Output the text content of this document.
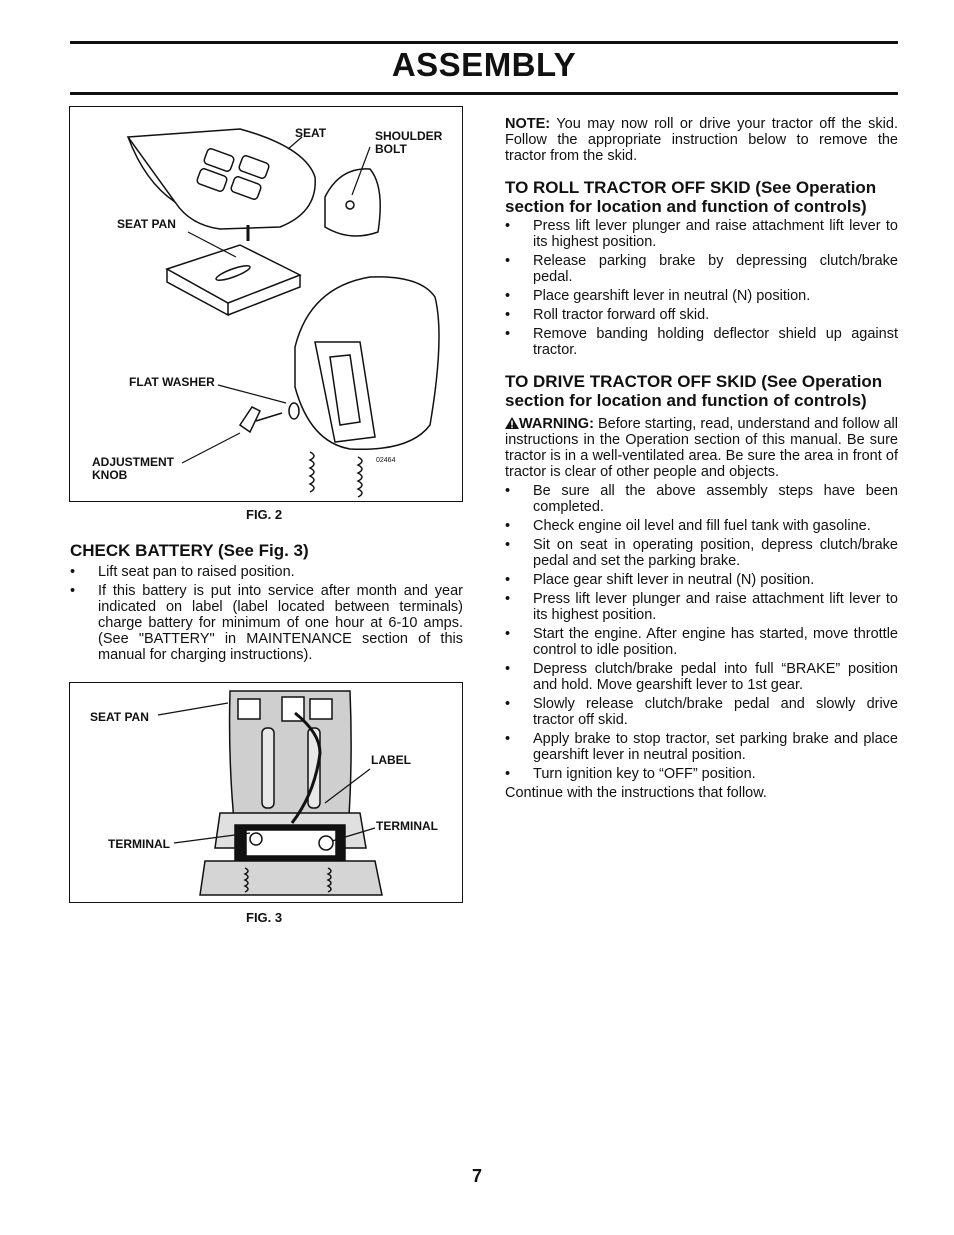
ASSEMBLY
SEAT	SHOULDER BOLT
SEAT PAN
FLAT WASHER
ADJUSTMENT KNOB
02464
FIG. 2
CHECK BATTERY (See Fig. 3)
• Lift seat pan to raised position.
• If this battery is put into service after month and year indicated on label (label located between terminals) charge battery for minimum of one hour at 6-10 amps. (See "BATTERY" in MAINTENANCE section of this manual for charging instructions).
SEAT PAN
LABEL
TERMINAL
TERMINAL
FIG. 3

NOTE: You may now roll or drive your tractor off the skid. Follow the appropriate instruction below to remove the tractor from the skid.

TO ROLL TRACTOR OFF SKID (See Operation section for location and function of controls)
• Press lift lever plunger and raise attachment lift lever to its highest position.
• Release parking brake by depressing clutch/brake pedal.
• Place gearshift lever in neutral (N) position.
• Roll tractor forward off skid.
• Remove banding holding deflector shield up against tractor.
TO DRIVE TRACTOR OFF SKID (See Operation section for location and function of controls)

WARNING: Before starting, read, understand and follow all instructions in the Operation section of this manual. Be sure tractor is in a well-ventilated area. Be sure the area in front of tractor is clear of other people and objects.

• Be sure all the above assembly steps have been completed.
• Check engine oil level and fill fuel tank with gasoline.
• Sit on seat in operating position, depress clutch/brake pedal and set the parking brake.
• Place gear shift lever in neutral (N) position.
• Press lift lever plunger and raise attachment lift lever to its highest position.
• Start the engine. After engine has started, move throttle control to idle position.
• Depress clutch/brake pedal into full “BRAKE” position and hold. Move gearshift lever to 1st gear.
• Slowly release clutch/brake pedal and slowly drive tractor off skid.
• Apply brake to stop tractor, set parking brake and place gearshift lever in neutral position.
• Turn ignition key to “OFF” position.

Continue with the instructions that follow.

7
